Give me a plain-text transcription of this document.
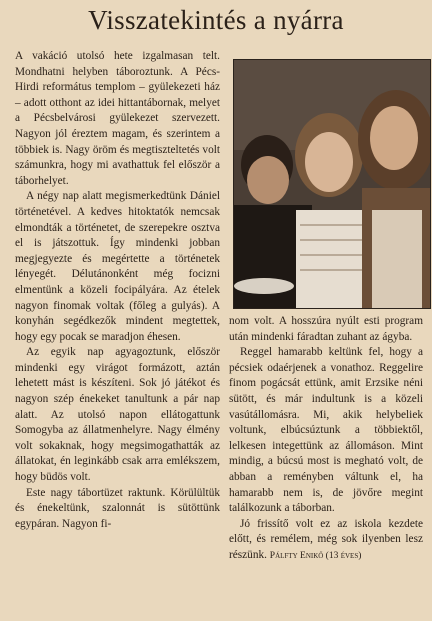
Visszatekintés a nyárra

A vakáció utolsó hete izgalmasan telt. Mondhatni helyben táboroztunk. A Pécs-Hirdi református templom – gyülekezeti ház – adott otthont az idei hittantábornak, melyet a Pécsbelvárosi gyülekezet szervezett. Nagyon jól éreztem magam, és szerintem a többiek is. Nagy öröm és megtiszteltetés volt számunkra, hogy mi avathattuk fel először a táborhelyet.

A négy nap alatt megismerkedtünk Dániel történetével. A kedves hitoktatók nemcsak elmondták a történetet, de szerepekre osztva el is játszottuk. Így mindenki jobban megjegyezte és megértette a történetek lényegét. Délutánonként még focizni elmentünk a közeli focipályára. Az ételek nagyon finomak voltak (főleg a gulyás). A konyhán segédkezők mindent megtettek, hogy egy pocak se maradjon éhesen.

Az egyik nap agyagoztunk, először mindenki egy virágot formázott, aztán lehetett mást is készíteni. Sok jó játékot és nagyon szép énekeket tanultunk a pár nap alatt. Az utolsó napon ellátogattunk Somogyba az állatmenhelyre. Nagy élmény volt sokaknak, hogy megsimogathatták az állatokat, én leginkább csak arra emlékszem, hogy büdös volt.

Este nagy tábortüzet raktunk. Körülültük és énekeltünk, szalonnát is sütöttünk egypáran. Nagyon fi-

nom volt. A hosszúra nyúlt esti program után mindenki fáradtan zuhant az ágyba.

Reggel hamarabb keltünk fel, hogy a pécsiek odaérjenek a vonathoz. Reggelire finom pogácsát ettünk, amit Erzsike néni sütött, és már indultunk is a közeli vasútállomásra. Mi, akik helybeliek voltunk, elbúcsúztunk a többiektől, lelkesen integettünk az állomáson. Mint mindig, a búcsú most is megható volt, de abban a reményben váltunk el, ha hamarabb nem is, de jövőre megint találkozunk a táborban.

Jó frissítő volt ez az iskola kezdete előtt, és remélem, még sok ilyenben lesz részünk. Pálfty Enikő (13 éves)
